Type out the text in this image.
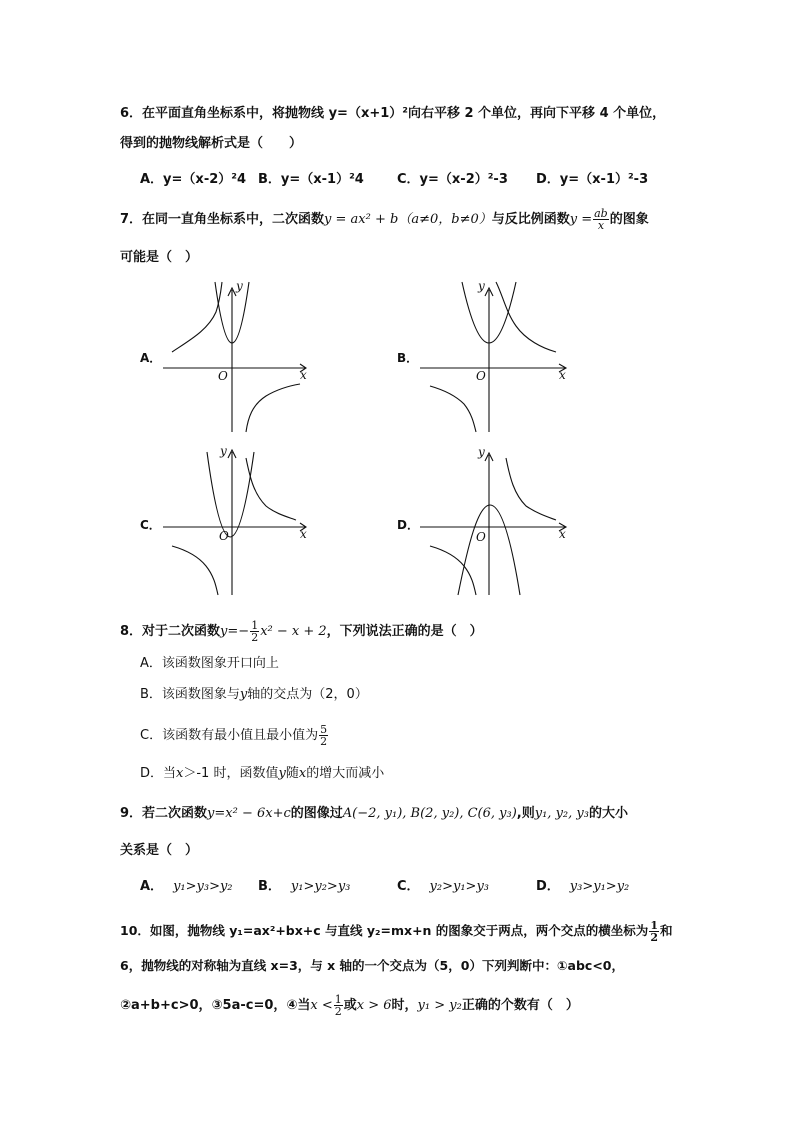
6．在平面直角坐标系中，将抛物线 y=（x+1）²向右平移 2 个单位，再向下平移 4 个单位，
得到的抛物线解析式是（　　）
A．y=（x-2）²4 B．y=（x-1）²4	C．y=（x-2）²-3 D．y=（x-1）²-3
7．在同一直角坐标系中，二次函数y = ax² + b（a≠0，b≠0）与反比例函数$y = \frac{ab}{x}$ 的图象
可能是（　）
A．	B．
C．	D．
x
y
O	x
y
O
x
y
O	x
y
O
8．对于二次函数$y=- \frac{1}{2} x^2 - x + 2$，下列说法正确的是（　）
A．该函数图象开口向上
B．该函数图象与y轴的交点为（2，0）
C．该函数有最小值且最小值为 $\frac{5}{2}$
D．当x＞-1 时，函数值y随x的增大而减小
9．若二次函数y=x² − 6x+c的图像过A(−2, y₁), B(2, y₂), C(6, y₃),则y₁, y₂, y₃的大小
关系是（　）
A． y₁>y₃>y₂ B． y₁>y₂>y₃	C． y₂>y₁>y₃	D． y₃>y₁>y₂
10．如图，抛物线 y₁=ax²+bx+c 与直线 y₂=mx+n 的图象交于两点，两个交点的横坐标为 $\frac{1}{2}$ 和
6，抛物线的对称轴为直线 x=3，与 x 轴的一个交点为（5，0）下列判断中：①abc<0，
②a+b+c>0，③5a-c=0，④当$x < \frac{1}{2}$ 或x > 6时，y₁ > y₂正确的个数有（　）
